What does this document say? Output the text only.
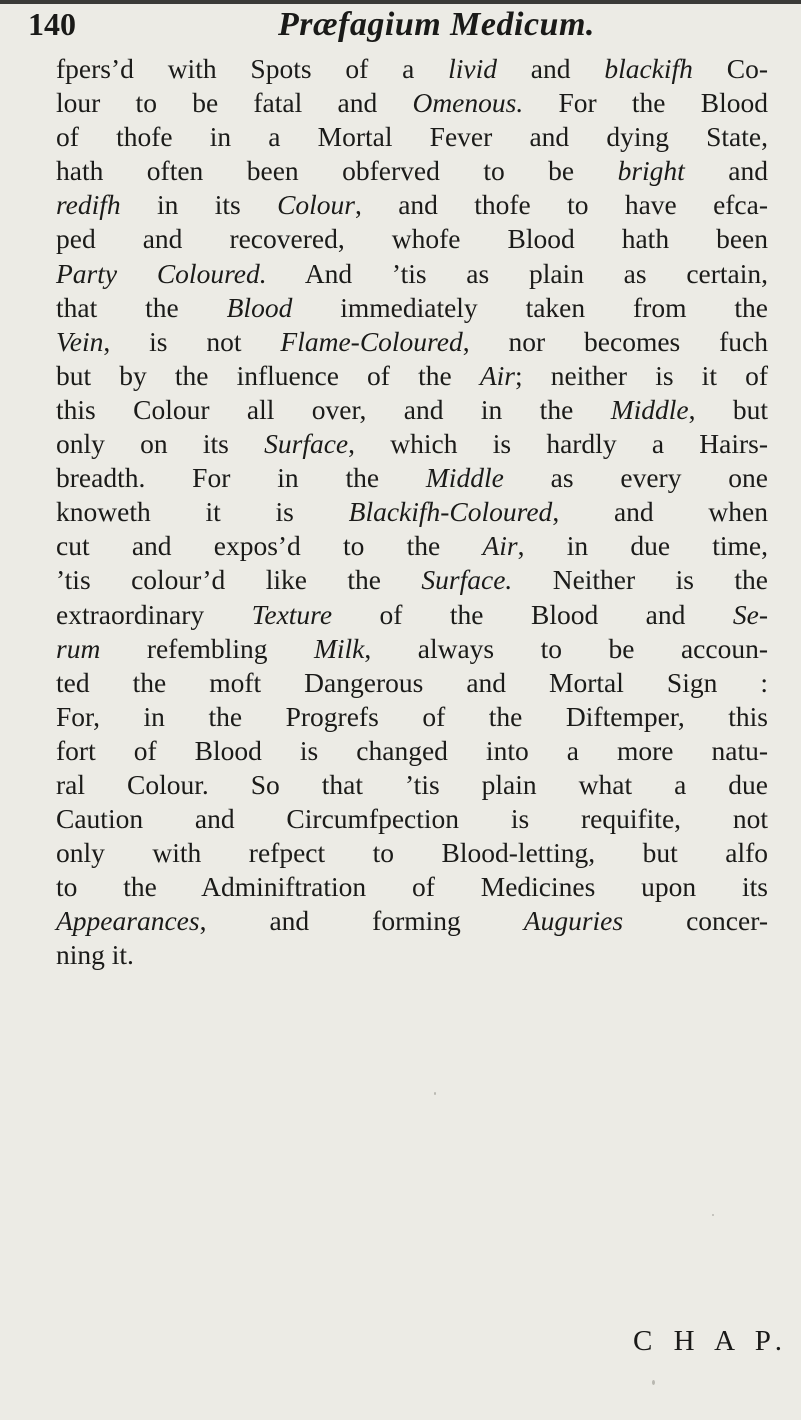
140	Præfagium Medicum.
fpers’d with Spots of a livid and blackifh Co-
lour to be fatal and Omenous. For the Blood
of thofe in a Mortal Fever and dying State,
hath often been obferved to be bright and
redifh in its Colour, and thofe to have efca-
ped and recovered, whofe Blood hath been
Party Coloured. And ’tis as plain as certain,
that the Blood immediately taken from the
Vein, is not Flame-Coloured, nor becomes fuch
but by the influence of the Air; neither is it of
this Colour all over, and in the Middle, but
only on its Surface, which is hardly a Hairs-
breadth. For in the Middle as every one
knoweth it is Blackifh-Coloured, and when
cut and expos’d to the Air, in due time,
’tis colour’d like the Surface. Neither is the
extraordinary Texture of the Blood and Se-
rum refembling Milk, always to be accoun-
ted the moft Dangerous and Mortal Sign :
For, in the Progrefs of the Diftemper, this
fort of Blood is changed into a more natu-
ral Colour. So that ’tis plain what a due
Caution and Circumfpection is requifite, not
only with refpect to Blood-letting, but alfo
to the Adminiftration of Medicines upon its
Appearances, and forming Auguries concer-
ning it.
C H A P.
